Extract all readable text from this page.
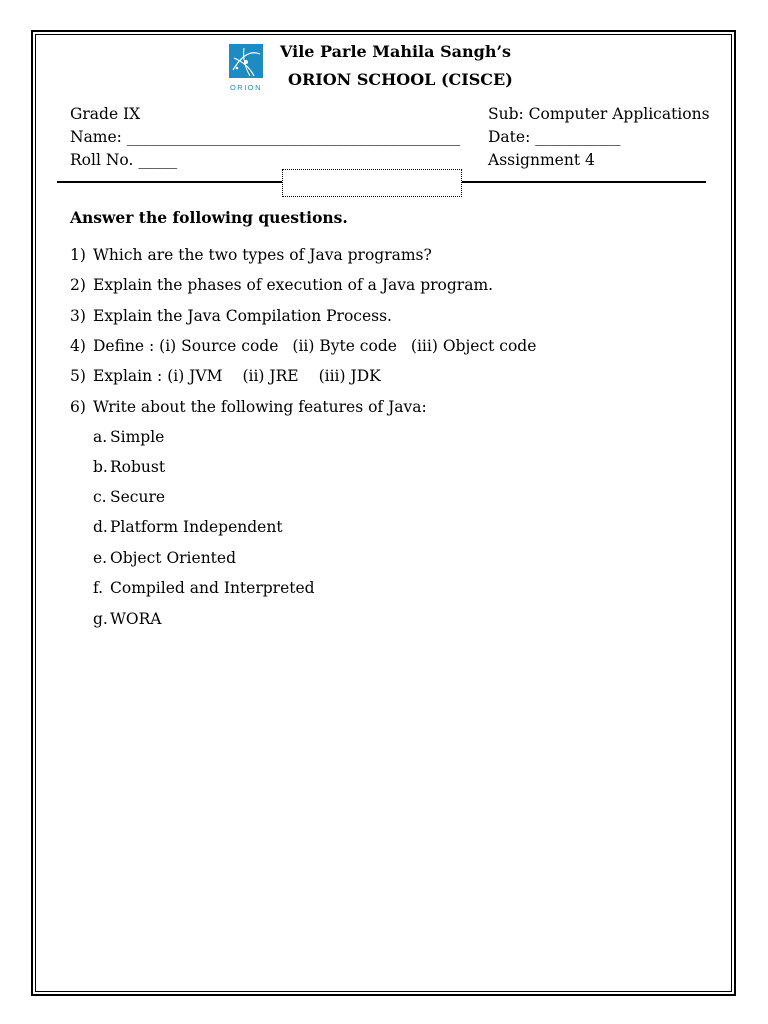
ORION
Vile Parle Mahila Sangh’s
ORION SCHOOL (CISCE)
Grade IX
Name: ___________________________________________
Roll No. _____
Sub: Computer Applications
Date: ___________
Assignment 4
Answer the following questions.
1) Which are the two types of Java programs?
2) Explain the phases of execution of a Java program.
3) Explain the Java Compilation Process.
4) Define : (i) Source code (ii) Byte code (iii) Object code
5) Explain : (i) JVM (ii) JRE (iii) JDK
6) Write about the following features of Java:
a. Simple
b. Robust
c. Secure
d. Platform Independent
e. Object Oriented
f. Compiled and Interpreted
g. WORA
